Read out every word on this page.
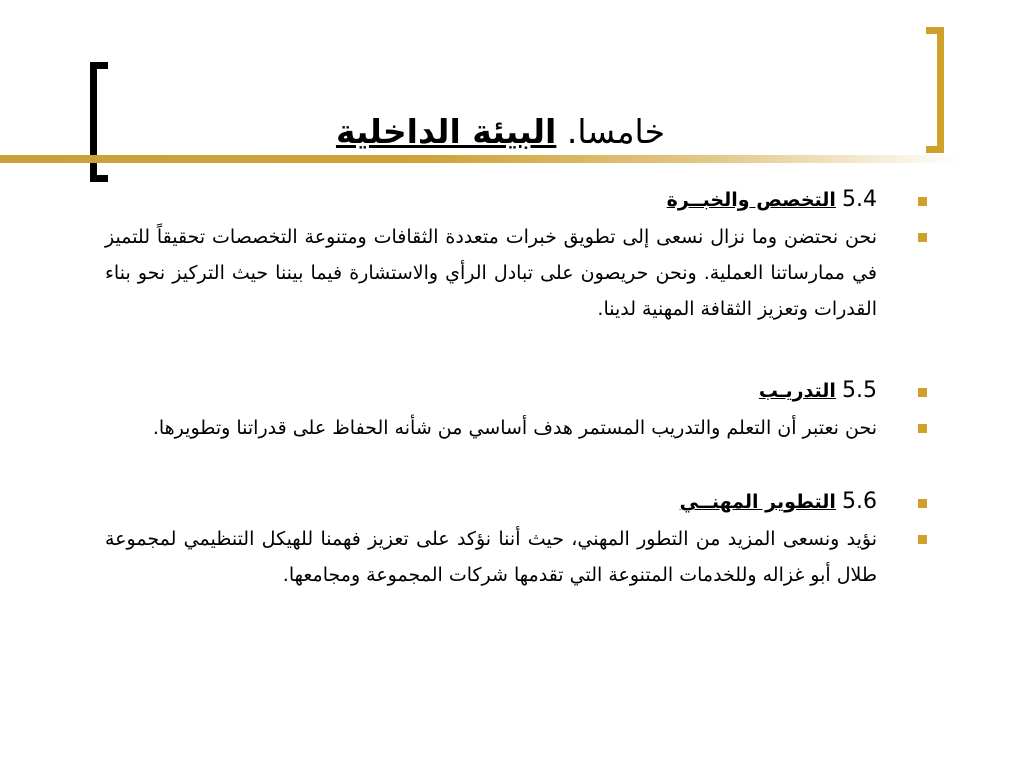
خامسا. البيئة الداخلية
5.4 التخصص والخبــرة
نحن نحتضن وما نزال نسعى إلى تطويق خبرات متعددة الثقافات ومتنوعة التخصصات تحقيقاً للتميز في ممارساتنا العملية. ونحن حريصون على تبادل الرأي والاستشارة فيما بيننا حيث التركيز نحو بناء القدرات وتعزيز الثقافة المهنية لدينا.
5.5 التدريـب
نحن نعتبر أن التعلم والتدريب المستمر هدف أساسي من شأنه الحفاظ على قدراتنا وتطويرها.
5.6 التطوير المهنــي
نؤيد ونسعى المزيد من التطور المهني، حيث أننا نؤكد على تعزيز فهمنا للهيكل التنظيمي لمجموعة طلال أبو غزاله وللخدمات المتنوعة التي تقدمها شركات المجموعة ومجامعها.
